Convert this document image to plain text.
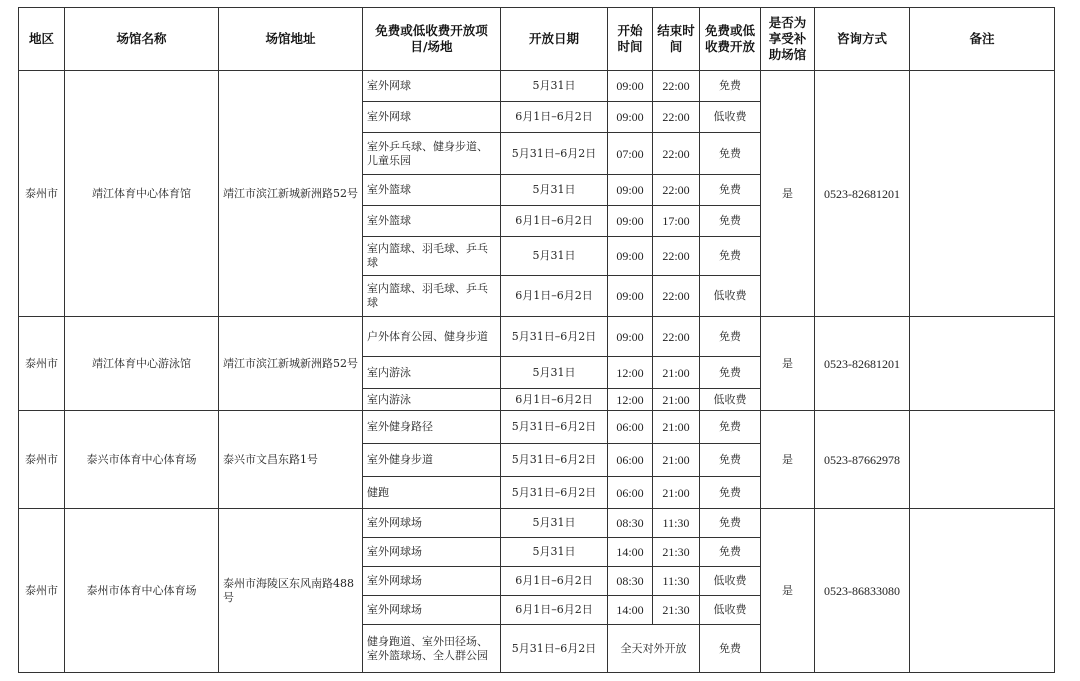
地区	场馆名称	场馆地址	免费或低收费开放项目/场地	开放日期	开始时间	结束时间	免费或低收费开放	是否为享受补助场馆	咨询方式	备注
泰州市	靖江体育中心体育馆	靖江市滨江新城新洲路52号	室外网球	5月31日	09:00	22:00	免费	是	0523-82681201	
			室外网球	6月1日–6月2日	09:00	22:00	低收费			
			室外乒乓球、健身步道、儿童乐园	5月31日–6月2日	07:00	22:00	免费			
			室外篮球	5月31日	09:00	22:00	免费			
			室外篮球	6月1日–6月2日	09:00	17:00	免费			
			室内篮球、羽毛球、乒乓球	5月31日	09:00	22:00	免费			
			室内篮球、羽毛球、乒乓球	6月1日–6月2日	09:00	22:00	低收费			
泰州市	靖江体育中心游泳馆	靖江市滨江新城新洲路52号	户外体育公园、健身步道	5月31日–6月2日	09:00	22:00	免费	是	0523-82681201	
			室内游泳	5月31日	12:00	21:00	免费			
			室内游泳	6月1日–6月2日	12:00	21:00	低收费			
泰州市	泰兴市体育中心体育场	泰兴市文昌东路1号	室外健身路径	5月31日–6月2日	06:00	21:00	免费	是	0523-87662978	
			室外健身步道	5月31日–6月2日	06:00	21:00	免费			
			健跑	5月31日–6月2日	06:00	21:00	免费			
泰州市	泰州市体育中心体育场	泰州市海陵区东风南路488号	室外网球场	5月31日	08:30	11:30	免费	是	0523-86833080	
			室外网球场	5月31日	14:00	21:30	免费			
			室外网球场	6月1日–6月2日	08:30	11:30	低收费			
			室外网球场	6月1日–6月2日	14:00	21:30	低收费			
			健身跑道、室外田径场、室外篮球场、全人群公园	5月31日–6月2日	全天对外开放		免费			
